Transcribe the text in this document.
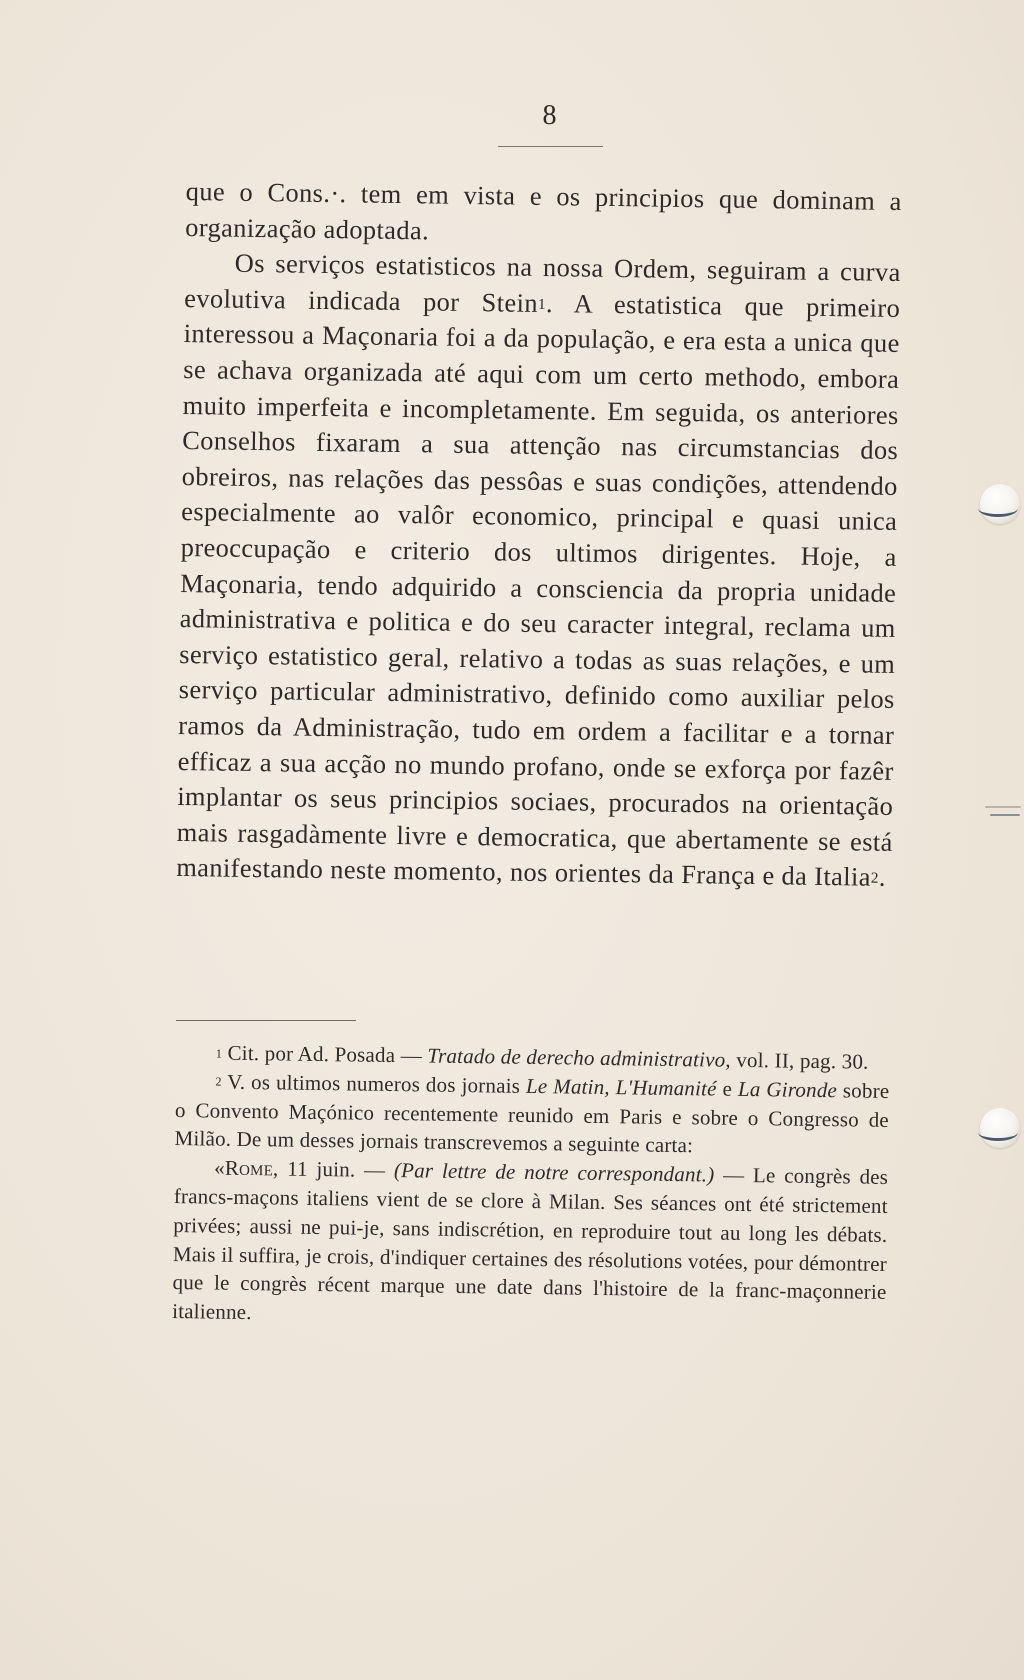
8

que o Cons.·. tem em vista e os principios que dominam a organização adoptada.

Os serviços estatisticos na nossa Ordem, seguiram a curva evolutiva indicada por Stein$^1$. A estatistica que primeiro interessou a Maçonaria foi a da população, e era esta a unica que se achava organizada até aqui com um certo methodo, embora muito imperfeita e incompletamente. Em seguida, os anteriores Conselhos fixaram a sua attenção nas circumstancias dos obreiros, nas relações das pessôas e suas condições, attendendo especialmente ao valôr economico, principal e quasi unica preoccupação e criterio dos ultimos dirigentes. Hoje, a Maçonaria, tendo adquirido a consciencia da propria unidade administrativa e politica e do seu caracter integral, reclama um serviço estatistico geral, relativo a todas as suas relações, e um serviço particular administrativo, definido como auxiliar pelos ramos da Administração, tudo em ordem a facilitar e a tornar efficaz a sua acção no mundo profano, onde se exforça por fazêr implantar os seus principios sociaes, procurados na orientação mais rasgadàmente livre e democratica, que abertamente se está manifestando neste momento, nos orientes da França e da Italia$^2$.

$^1$ Cit. por Ad. Posada — Tratado de derecho administrativo, vol. II, pag. 30.

$^2$ V. os ultimos numeros dos jornais Le Matin, L'Humanité e La Gironde sobre o Convento Maçónico recentemente reunido em Paris e sobre o Congresso de Milão. De um desses jornais transcrevemos a seguinte carta:

«Rome, 11 juin. — (Par lettre de notre correspondant.) — Le congrès des francs-maçons italiens vient de se clore à Milan. Ses séances ont été strictement privées; aussi ne pui-je, sans indiscrétion, en reproduire tout au long les débats. Mais il suffira, je crois, d'indiquer certaines des résolutions votées, pour démontrer que le congrès récent marque une date dans l'histoire de la franc-maçonnerie italienne.
